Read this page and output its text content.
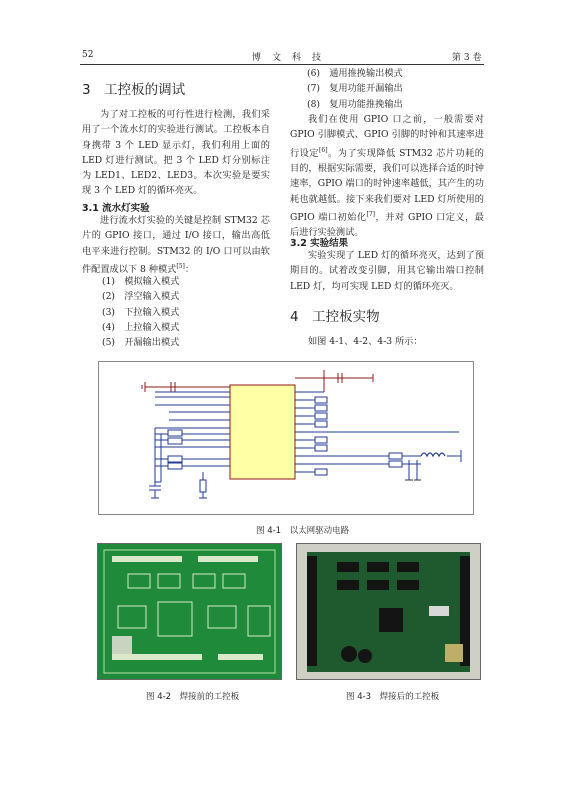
52	博　文　科　技	第 3 卷
3　工控板的调试

为了对工控板的可行性进行检测，我们采用了一个流水灯的实验进行测试。工控板本自身携带 3 个 LED 显示灯，我们利用上面的 LED 灯进行测试。把 3 个 LED 灯分别标注为 LED1、LED2、LED3。本次实验是要实现 3 个 LED 灯的循环亮灭。

3.1 流水灯实验

进行流水灯实验的关键是控制 STM32 芯片的 GPIO 接口，通过 I/O 接口，输出高低电平来进行控制。STM32 的 I/O 口可以由软件配置成以下 8 种模式[5]：

(1)　模拟输入模式
(2)　浮空输入模式
(3)　下拉输入模式
(4)　上拉输入模式
(5)　开漏输出模式
(6)　通用推挽输出模式
(7)　复用功能开漏输出
(8)　复用功能推挽输出

我们在使用 GPIO 口之前，一般需要对 GPIO 引脚模式、GPIO 引脚的时钟和其速率进行设定[6]。为了实现降低 STM32 芯片功耗的目的，根据实际需要，我们可以选择合适的时钟速率，GPIO 端口的时钟速率越低，其产生的功耗也就越低。接下来我们要对 LED 灯所使用的 GPIO 端口初始化[7]，并对 GPIO 口定义，最后进行实验测试。

3.2 实验结果

实验实现了 LED 灯的循环亮灭，达到了预期目的。试着改变引脚，用其它输出端口控制 LED 灯，均可实现 LED 灯的循环亮灭。

4　工控板实物

如图 4-1、4-2、4-3 所示：

图 4-1　以太网驱动电路
图 4-2　焊接前的工控板	图 4-3　焊接后的工控板
